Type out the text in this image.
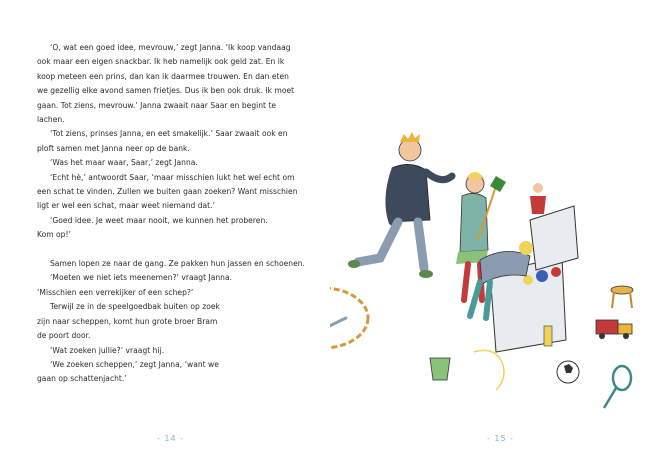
‘O, wat een goed idee, mevrouw,’ zegt Janna. ‘Ik koop vandaag

ook maar een eigen snackbar. Ik heb namelijk ook geld zat. En ik

koop meteen een prins, dan kan ik daarmee trouwen. En dan eten

we gezellig elke avond samen frietjes. Dus ik ben ook druk. Ik moet

gaan. Tot ziens, mevrouw.’ Janna zwaait naar Saar en begint te

lachen.

‘Tot ziens, prinses Janna, en eet smakelijk.’ Saar zwaait ook en

ploft samen met Janna neer op de bank.

‘Was het maar waar, Saar,’ zegt Janna.

‘Echt hè,’ antwoordt Saar, ‘maar misschien lukt het wel echt om

een schat te vinden. Zullen we buiten gaan zoeken? Want misschien

ligt er wel een schat, maar weet niemand dat.’

‘Goed idee. Je weet maar nooit, we kunnen het proberen.

Kom op!’

Samen lopen ze naar de gang. Ze pakken hun jassen en schoenen.

‘Moeten we niet iets meenemen?’ vraagt Janna.

‘Misschien een verrekijker of een schep?’

Terwijl ze in de speelgoedbak buiten op zoek

zijn naar scheppen, komt hun grote broer Bram

de poort door.

‘Wat zoeken jullie?’ vraagt hij.

‘We zoeken scheppen,’ zegt Janna, ‘want we

gaan op schattenjacht.’

- 14 -	- 15 -
